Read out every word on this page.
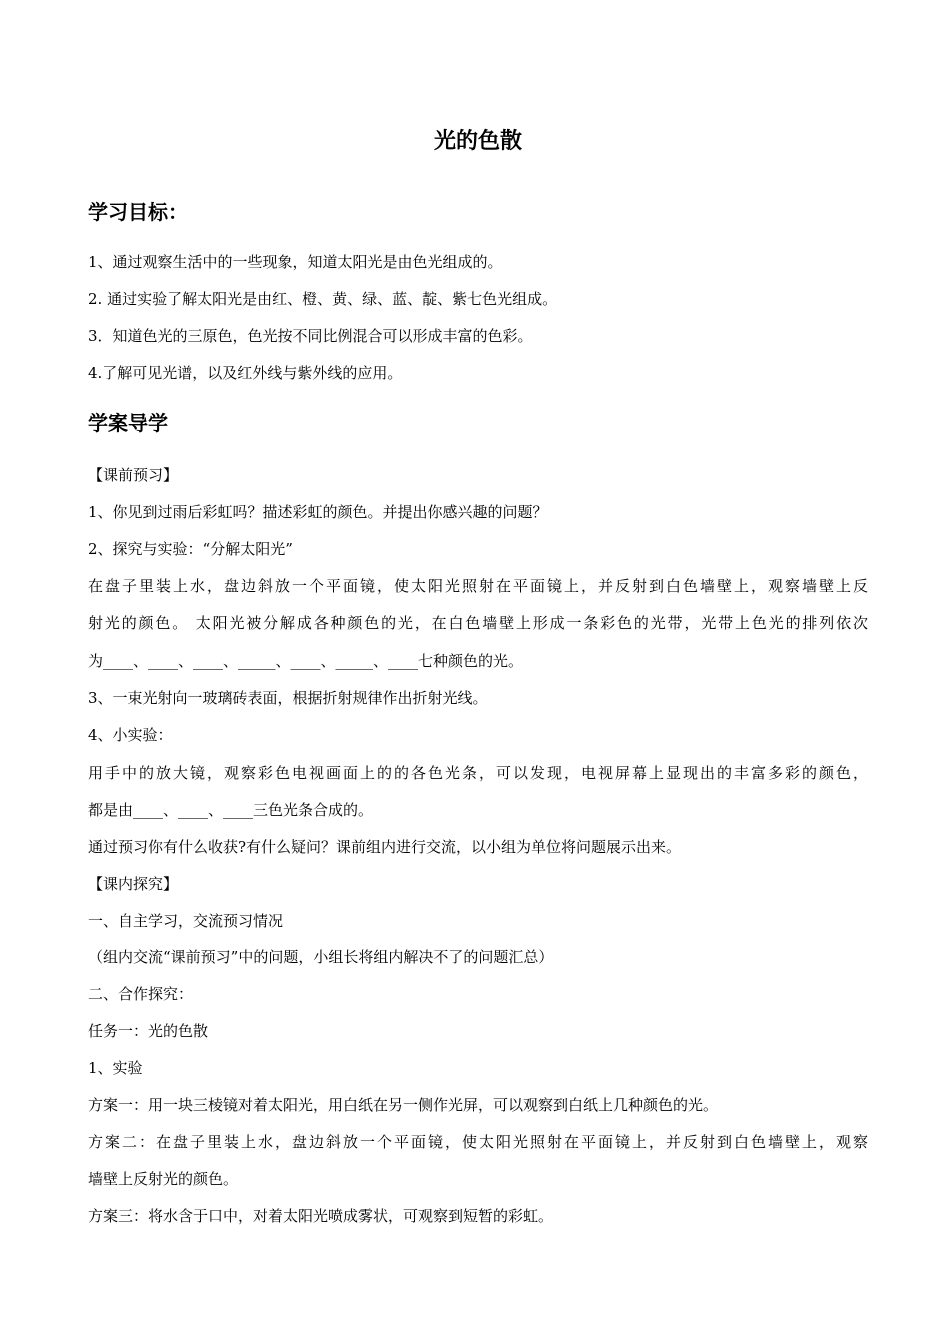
光的色散
学习目标：

1、通过观察生活中的一些现象，知道太阳光是由色光组成的。

2. 通过实验了解太阳光是由红、橙、黄、绿、蓝、靛、紫七色光组成。

3．知道色光的三原色，色光按不同比例混合可以形成丰富的色彩。

4.了解可见光谱，以及红外线与紫外线的应用。

学案导学

【课前预习】

1、你见到过雨后彩虹吗？描述彩虹的颜色。并提出你感兴趣的问题？

2、探究与实验：“分解太阳光”

在盘子里装上水，盘边斜放一个平面镜，使太阳光照射在平面镜上，并反射到白色墙壁上，观察墙壁上反

射光的颜色。 太阳光被分解成各种颜色的光，在白色墙壁上形成一条彩色的光带，光带上色光的排列依次

为____、____、____、_____、____、_____、____七种颜色的光。

3、一束光射向一玻璃砖表面，根据折射规律作出折射光线。

4、小实验：

用手中的放大镜，观察彩色电视画面上的的各色光条，可以发现，电视屏幕上显现出的丰富多彩的颜色，

都是由____、____、____三色光条合成的。

通过预习你有什么收获?有什么疑问？课前组内进行交流，以小组为单位将问题展示出来。

【课内探究】

一、自主学习，交流预习情况

（组内交流“课前预习”中的问题，小组长将组内解决不了的问题汇总）

二、合作探究：

任务一：光的色散

1、实验

方案一：用一块三棱镜对着太阳光，用白纸在另一侧作光屏，可以观察到白纸上几种颜色的光。

方案二：在盘子里装上水，盘边斜放一个平面镜，使太阳光照射在平面镜上，并反射到白色墙壁上，观察

墙壁上反射光的颜色。

方案三：将水含于口中，对着太阳光喷成雾状，可观察到短暂的彩虹。
